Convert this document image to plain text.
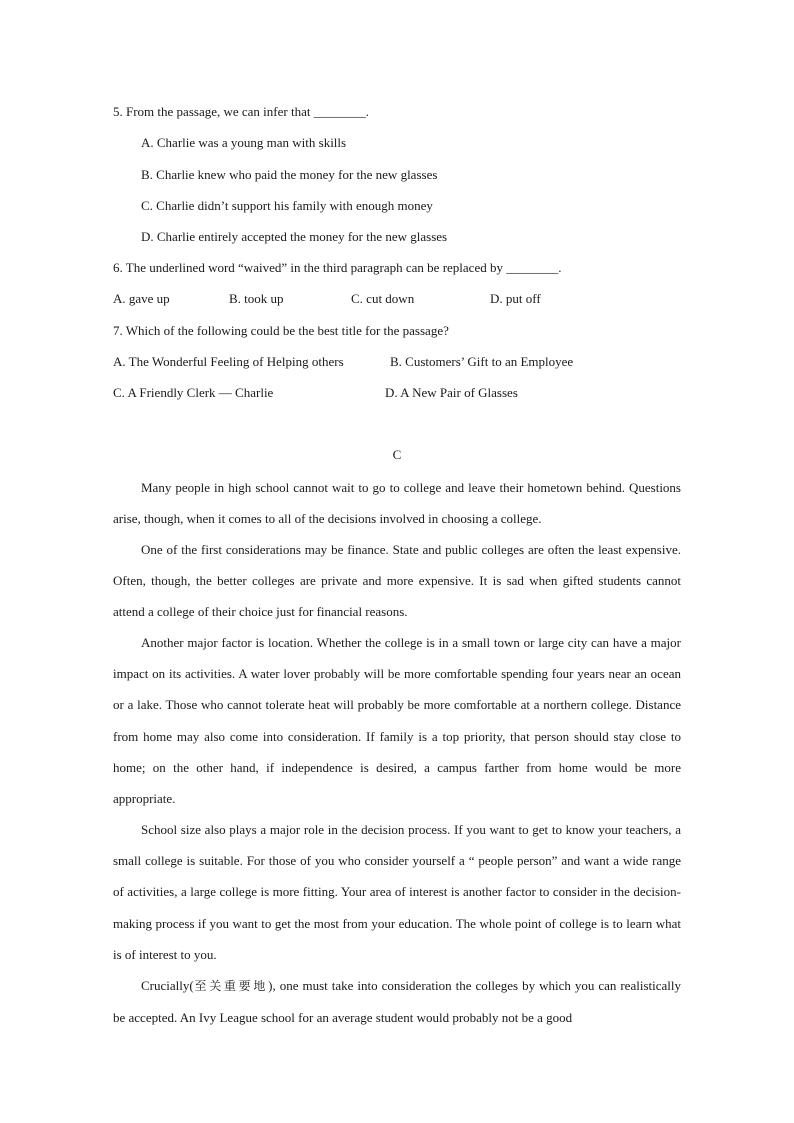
5. From the passage, we can infer that ________.
A. Charlie was a young man with skills
B. Charlie knew who paid the money for the new glasses
C. Charlie didn’t support his family with enough money
D. Charlie entirely accepted the money for the new glasses
6. The underlined word “waived” in the third paragraph can be replaced by ________.
A. gave up	B. took up	C. cut down	D. put off
7. Which of the following could be the best title for the passage?
A. The Wonderful Feeling of Helping others	B. Customers’ Gift to an Employee
C. A Friendly Clerk — Charlie	D. A New Pair of Glasses
C

Many people in high school cannot wait to go to college and leave their hometown behind. Questions arise, though, when it comes to all of the decisions involved in choosing a college.

One of the first considerations may be finance. State and public colleges are often the least expensive. Often, though, the better colleges are private and more expensive. It is sad when gifted students cannot attend a college of their choice just for financial reasons.

Another major factor is location. Whether the college is in a small town or large city can have a major impact on its activities. A water lover probably will be more comfortable spending four years near an ocean or a lake. Those who cannot tolerate heat will probably be more comfortable at a northern college. Distance from home may also come into consideration. If family is a top priority, that person should stay close to home; on the other hand, if independence is desired, a campus farther from home would be more appropriate.

School size also plays a major role in the decision process. If you want to get to know your teachers, a small college is suitable. For those of you who consider yourself a “ people person” and want a wide range of activities, a large college is more fitting. Your area of interest is another factor to consider in the decision-making process if you want to get the most from your education. The whole point of college is to learn what is of interest to you.

Crucially(至关重要地), one must take into consideration the colleges by which you can realistically be accepted. An Ivy League school for an average student would probably not be a good
